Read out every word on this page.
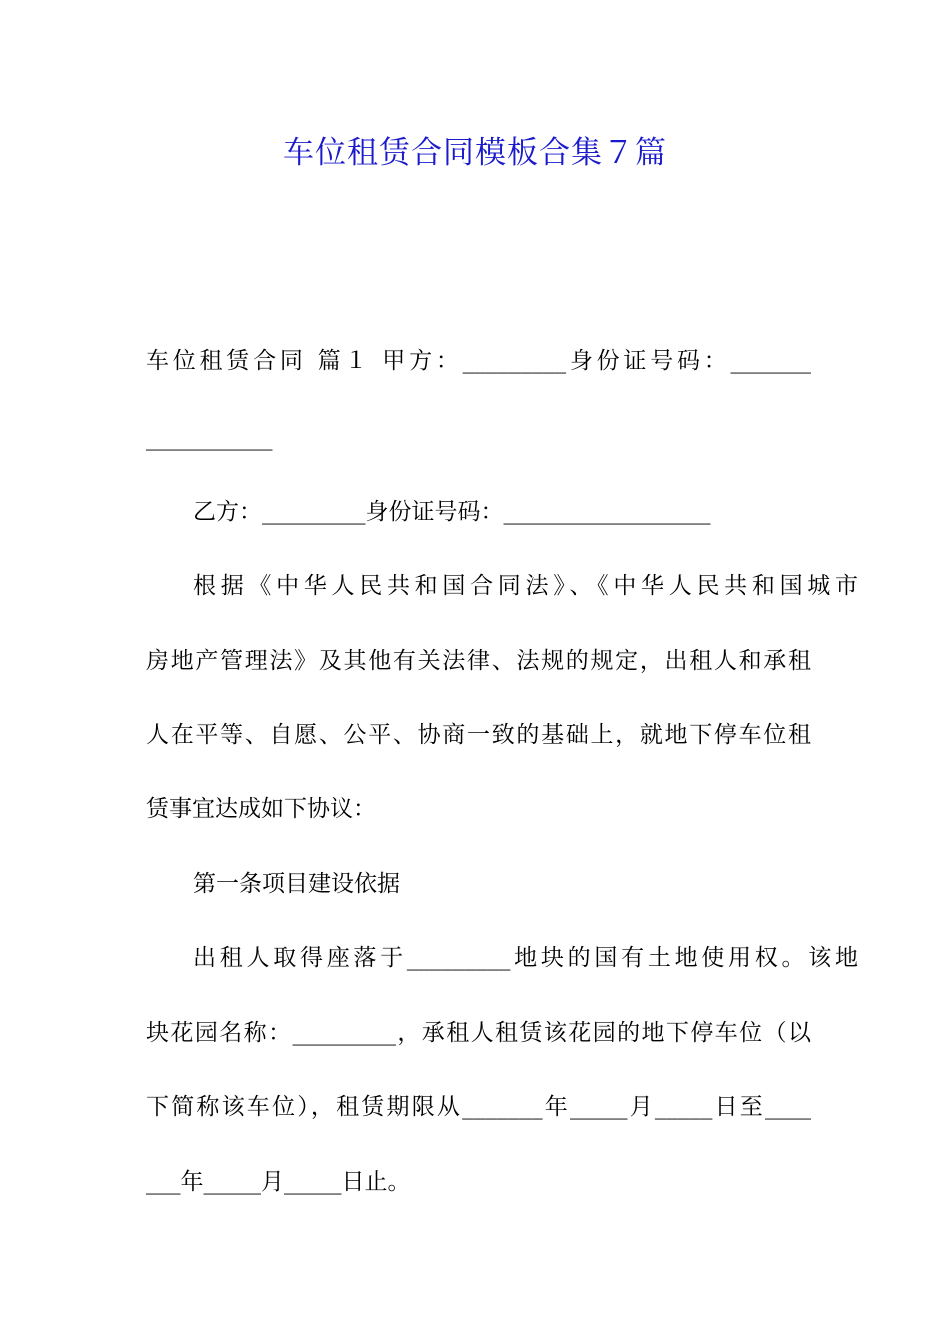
车位租赁合同模板合集７篇
车位租赁合同 篇１ 甲方：_________身份证号码：_______
___________
乙方：_________身份证号码：__________________
根据《中华人民共和国合同法》、《中华人民共和国城市
房地产管理法》及其他有关法律、法规的规定，出租人和承租
人在平等、自愿、公平、协商一致的基础上，就地下停车位租
赁事宜达成如下协议：
第一条项目建设依据
出租人取得座落于_________地块的国有土地使用权。该地
块花园名称：_________，承租人租赁该花园的地下停车位（以
下简称该车位），租赁期限从_______年_____月_____日至____
___年_____月_____日止。
